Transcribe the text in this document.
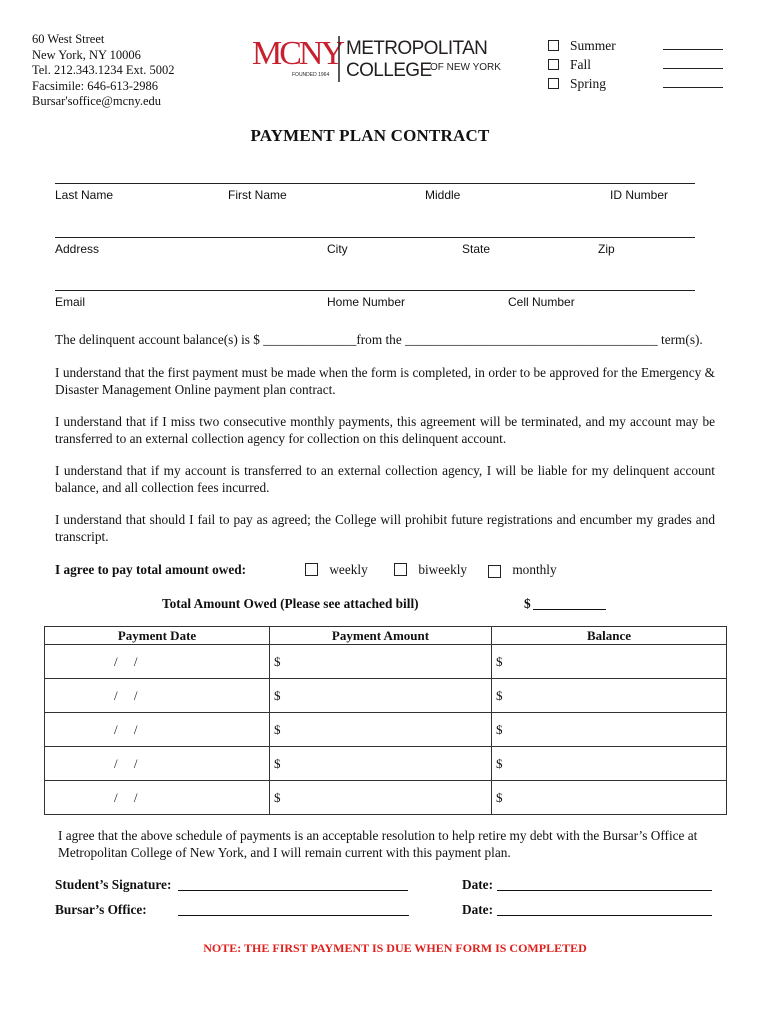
60 West Street
New York, NY 10006
Tel. 212.343.1234 Ext. 5002
Facsimile: 646-613-2986
Bursar'soffice@mcny.edu
MCNY
FOUNDED 1964
METROPOLITAN
COLLEGE
OF NEW YORK
Summer
Fall
Spring
PAYMENT PLAN CONTRACT
Last Name	First Name	Middle	ID Number
Address	City	State	Zip
Email	Home Number	Cell Number
The delinquent account balance(s) is $ ______________from the ______________________________________ term(s).
I understand that the first payment must be made when the form is completed, in order to be approved for the Emergency & Disaster Management Online payment plan contract.
I understand that if I miss two consecutive monthly payments, this agreement will be terminated, and my account may be transferred to an external collection agency for collection on this delinquent account.
I understand that if my account is transferred to an external collection agency, I will be liable for my delinquent account balance, and all collection fees incurred.
I understand that should I fail to pay as agreed; the College will prohibit future registrations and encumber my grades and transcript.
I agree to pay total amount owed:	weekly	biweekly	monthly
Total Amount Owed (Please see attached bill)	$
Payment Date	Payment Amount	Balance
/     /	$	$
/     /	$	$
/     /	$	$
/     /	$	$
/     /	$	$
I agree that the above schedule of payments is an acceptable resolution to help retire my debt with the Bursar’s Office at Metropolitan College of New York, and I will remain current with this payment plan.
Student’s Signature:	Date:
Bursar’s Office:	Date:
NOTE: THE FIRST PAYMENT IS DUE WHEN FORM IS COMPLETED
